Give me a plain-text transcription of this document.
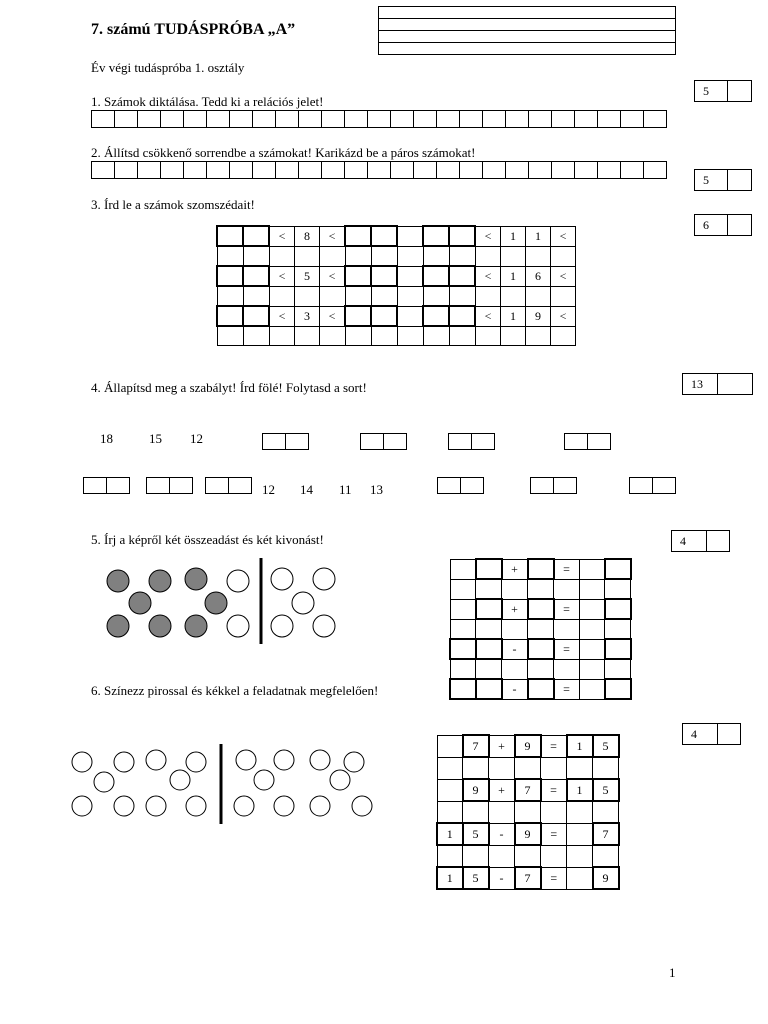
7. számú TUDÁSPRÓBA „A”
Év végi tudáspróba 1. osztály
5
1. Számok diktálása. Tedd ki a relációs jelet!
2. Állítsd csökkenő sorrendbe a számokat! Karikázd be a páros számokat!
5
3. Írd le a számok szomszédait!
6
		<	8	<						<	1	1	<

		<	5	<						<	1	6	<

		<	3	<						<	1	9	<

4. Állapítsd meg a szabályt! Írd fölé! Folytasd a sort!	13
18	15 12
12 14 11 13
5. Írj a képről két összeadást és két kivonást!	4
		+		=		

		+		=		

		-		=		

		-		=		
6. Színezz pirossal és kékkel a feladatnak megfelelően!
4
	7	+	9	=	1	5

	9	+	7	=	1	5

1	5	-	9	=		7

1	5	-	7	=		9
1
